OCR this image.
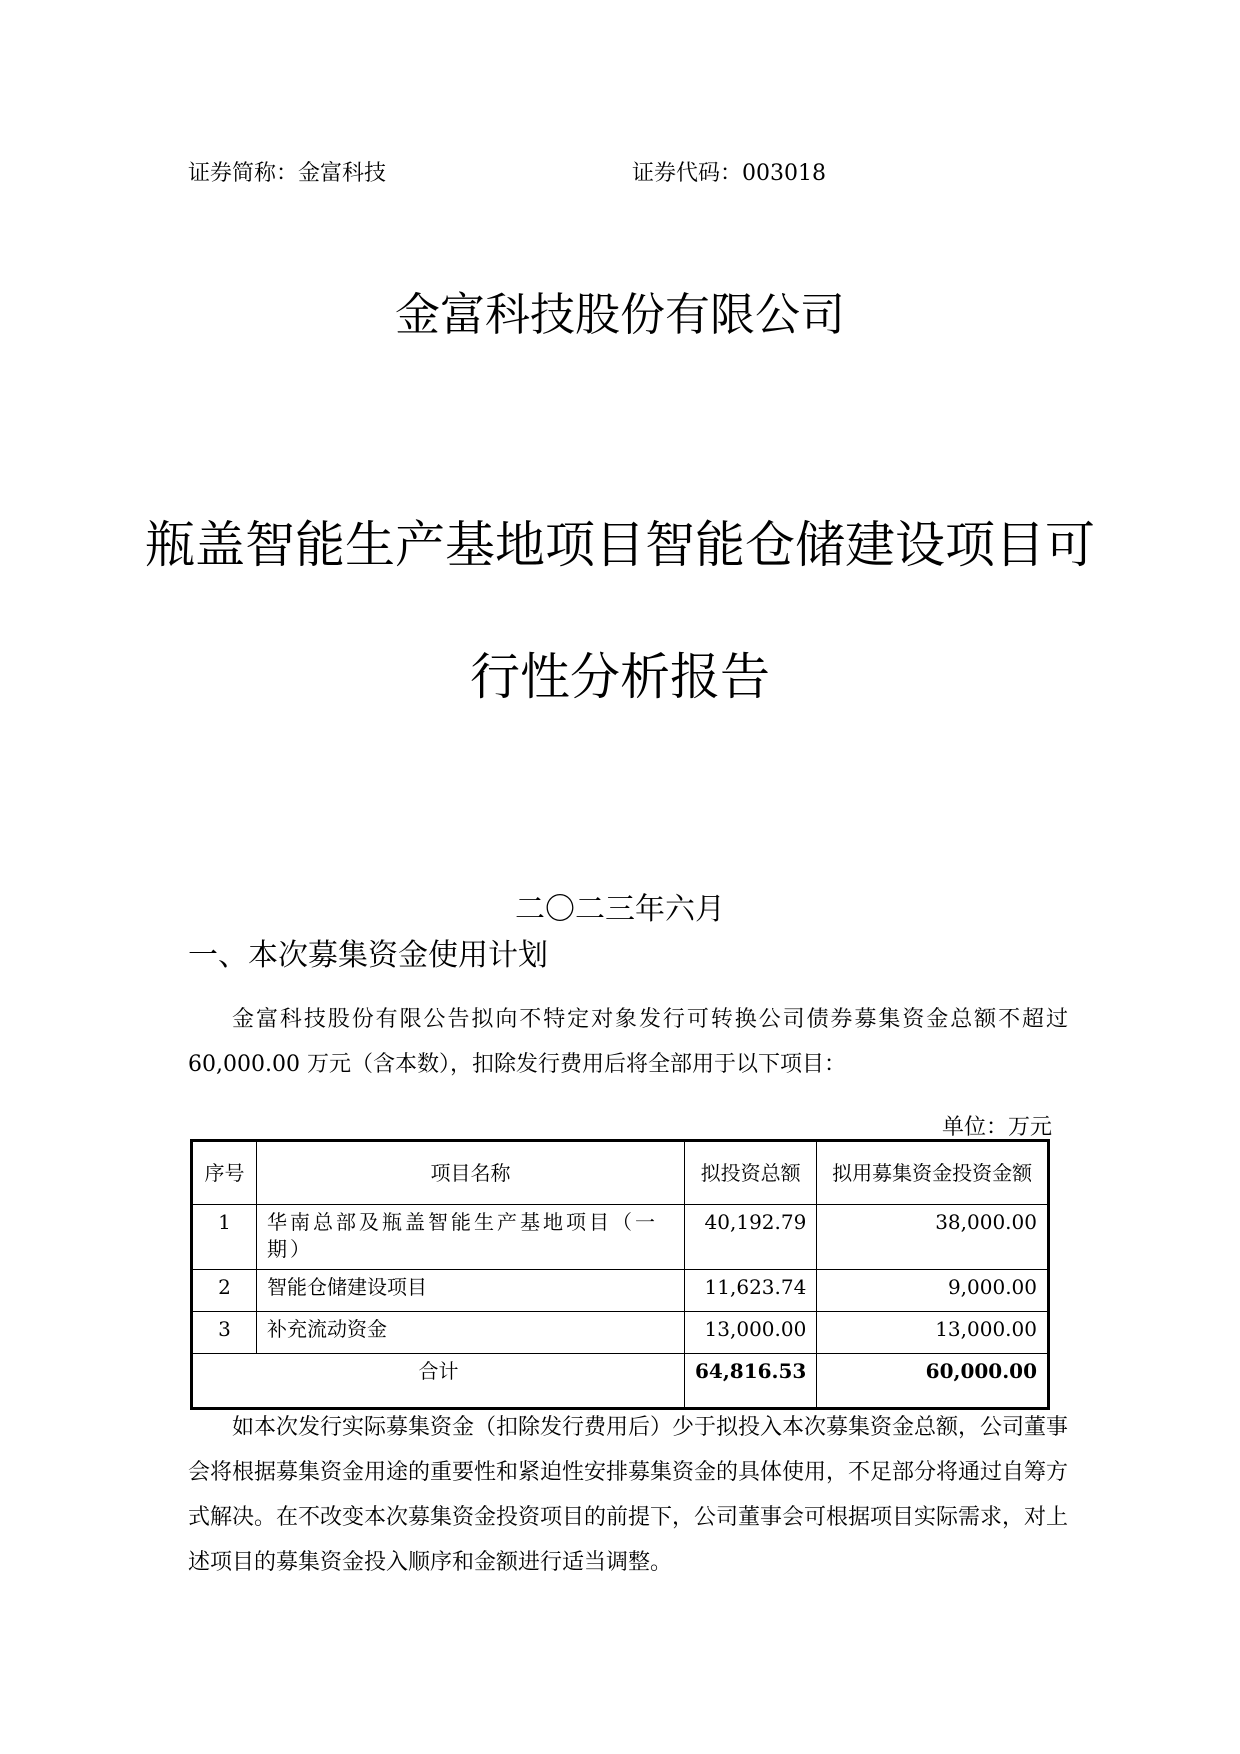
证券简称：金富科技	证券代码：003018
金富科技股份有限公司
瓶盖智能生产基地项目智能仓储建设项目可
行性分析报告
二〇二三年六月
一、本次募集资金使用计划
金富科技股份有限公告拟向不特定对象发行可转换公司债券募集资金总额不超过 60,000.00 万元（含本数），扣除发行费用后将全部用于以下项目：
单位：万元
序号	项目名称	拟投资总额	拟用募集资金投资金额
1	华南总部及瓶盖智能生产基地项目（一期）	40,192.79	38,000.00
2	智能仓储建设项目	11,623.74	9,000.00
3	补充流动资金	13,000.00	13,000.00
合计		64,816.53	60,000.00
如本次发行实际募集资金（扣除发行费用后）少于拟投入本次募集资金总额，公司董事会将根据募集资金用途的重要性和紧迫性安排募集资金的具体使用，不足部分将通过自筹方式解决。在不改变本次募集资金投资项目的前提下，公司董事会可根据项目实际需求，对上述项目的募集资金投入顺序和金额进行适当调整。
